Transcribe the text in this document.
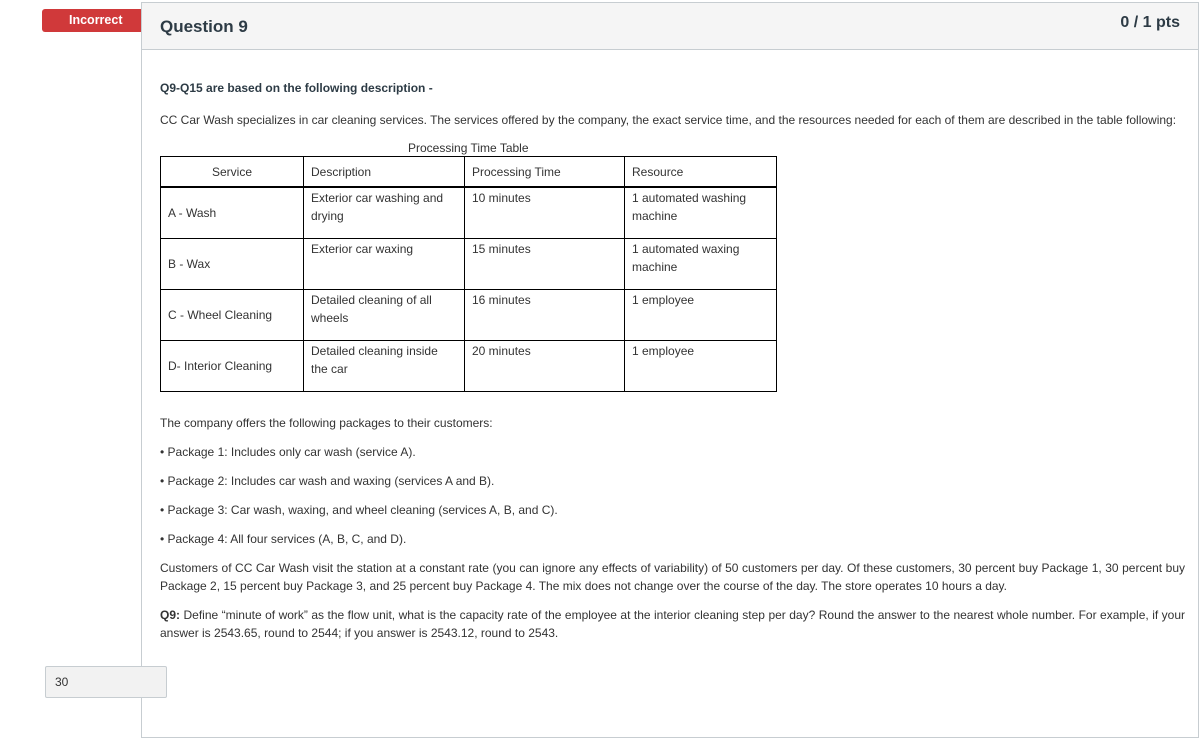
Incorrect	Question 9	0 / 1 pts

Q9-Q15 are based on the following description -

CC Car Wash specializes in car cleaning services. The services offered by the company, the exact service time, and the resources needed for each of them are described in the table following:

Processing Time Table
Service	Description	Processing Time	Resource
A - Wash	Exterior car washing and drying	10 minutes	1 automated washing machine
B - Wax	Exterior car waxing	15 minutes	1 automated waxing machine
C - Wheel Cleaning	Detailed cleaning of all wheels	16 minutes	1 employee
D- Interior Cleaning	Detailed cleaning inside the car	20 minutes	1 employee

The company offers the following packages to their customers:

• Package 1: Includes only car wash (service A).

• Package 2: Includes car wash and waxing (services A and B).

• Package 3: Car wash, waxing, and wheel cleaning (services A, B, and C).

• Package 4: All four services (A, B, C, and D).

Customers of CC Car Wash visit the station at a constant rate (you can ignore any effects of variability) of 50 customers per day. Of these customers, 30 percent buy Package 1, 30 percent buy Package 2, 15 percent buy Package 3, and 25 percent buy Package 4. The mix does not change over the course of the day. The store operates 10 hours a day.

Q9: Define “minute of work” as the flow unit, what is the capacity rate of the employee at the interior cleaning step per day? Round the answer to the nearest whole number. For example, if your answer is 2543.65, round to 2544; if you answer is 2543.12, round to 2543.

30
